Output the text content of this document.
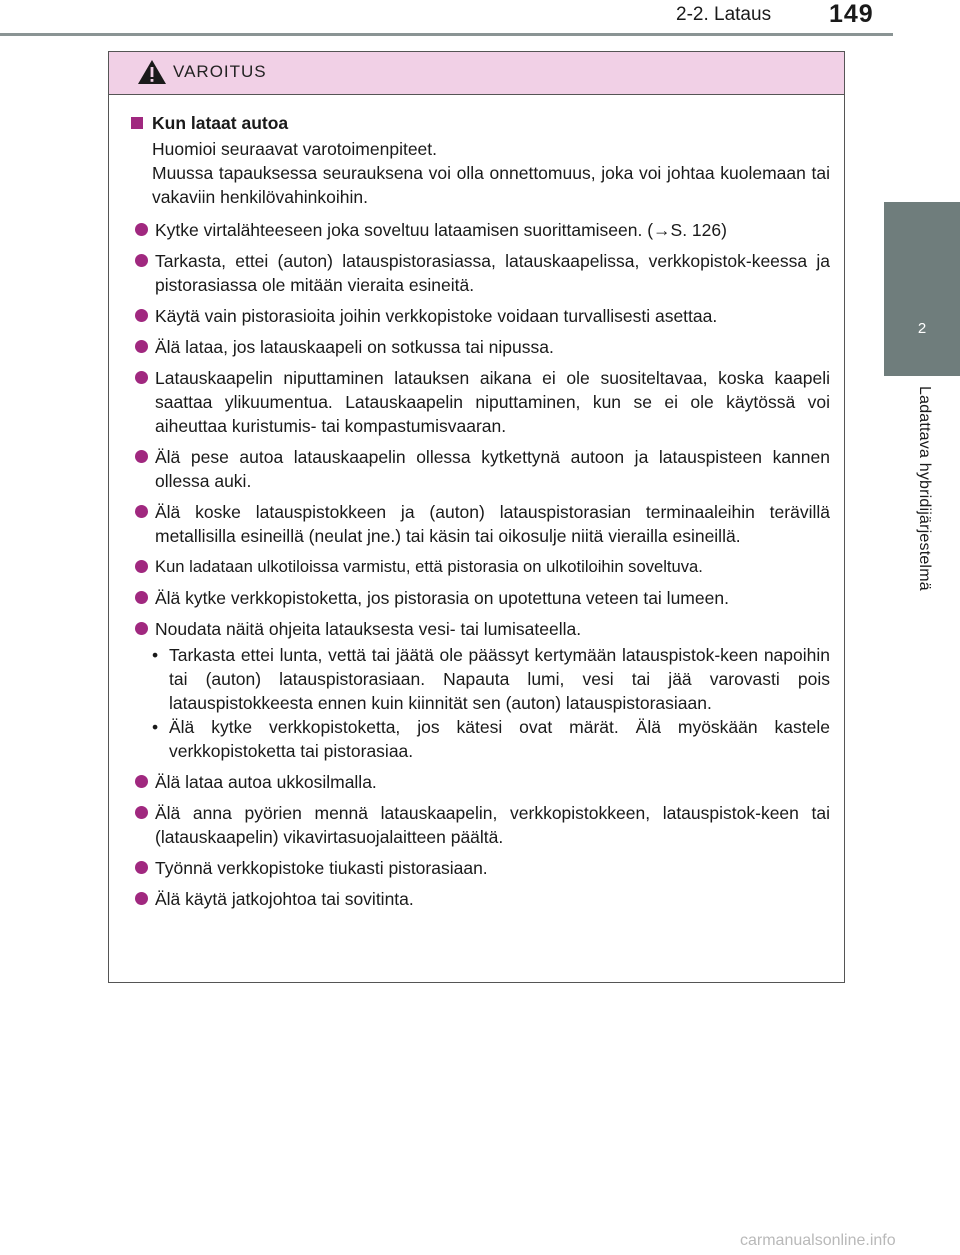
2-2. Lataus 149
2
Ladattava hybridijärjestelmä
VAROITUS
Kun lataat autoa
Huomioi seuraavat varotoimenpiteet.
Muussa tapauksessa seurauksena voi olla onnettomuus, joka voi johtaa kuolemaan tai vakaviin henkilövahinkoihin.
Kytke virtalähteeseen joka soveltuu lataamisen suorittamiseen. (→S. 126)
Tarkasta, ettei (auton) latauspistorasiassa, latauskaapelissa, verkkopistok-keessa ja pistorasiassa ole mitään vieraita esineitä.
Käytä vain pistorasioita joihin verkkopistoke voidaan turvallisesti asettaa.
Älä lataa, jos latauskaapeli on sotkussa tai nipussa.
Latauskaapelin niputtaminen latauksen aikana ei ole suositeltavaa, koska kaapeli saattaa ylikuumentua. Latauskaapelin niputtaminen, kun se ei ole käytössä voi aiheuttaa kuristumis- tai kompastumisvaaran.
Älä pese autoa latauskaapelin ollessa kytkettynä autoon ja latauspisteen kannen ollessa auki.
Älä koske latauspistokkeen ja (auton) latauspistorasian terminaaleihin terävillä metallisilla esineillä (neulat jne.) tai käsin tai oikosulje niitä vierailla esineillä.
Kun ladataan ulkotiloissa varmistu, että pistorasia on ulkotiloihin soveltuva.
Älä kytke verkkopistoketta, jos pistorasia on upotettuna veteen tai lumeen.
Noudata näitä ohjeita latauksesta vesi- tai lumisateella.
• Tarkasta ettei lunta, vettä tai jäätä ole päässyt kertymään latauspistok-keen napoihin tai (auton) latauspistorasiaan. Napauta lumi, vesi tai jää varovasti pois latauspistokkeesta ennen kuin kiinnität sen (auton) latauspistorasiaan.
• Älä kytke verkkopistoketta, jos kätesi ovat märät. Älä myöskään kastele verkkopistoketta tai pistorasiaa.
Älä lataa autoa ukkosilmalla.
Älä anna pyörien mennä latauskaapelin, verkkopistokkeen, latauspistok-keen tai (latauskaapelin) vikavirtasuojalaitteen päältä.
Työnnä verkkopistoke tiukasti pistorasiaan.
Älä käytä jatkojohtoa tai sovitinta.
carmanualsonline.info
